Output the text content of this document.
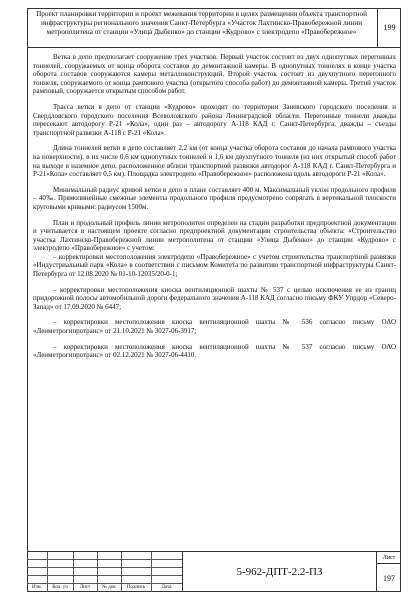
Проект планировки территории и проект межевания территории в целях размещения объекта транспортной инфраструктуры регионального значения Санкт-Петербурга «Участок Лахтинско-Правобережной линии метрополитена от станции «Улица Дыбенко» до станции «Кудрово» с электродепо «Правобережное»	199

Ветка в депо предполагает сооружение трех участков. Первый участок состоит из двух однопутных перегонных тоннелей, сооружаемых от конца оборота составов до демонтажной камеры. В однопутных тоннелях в конце участка оборота составов сооружаются камеры металлоконструкций. Второй участок состоит из двухпутного перегонного тоннеля, сооружаемого от конца рампового участка (открытого способа работ) до демонтажной камеры. Третий участок рамповый, сооружается открытым способом работ.

Трасса ветки в депо от станции «Кудрово» проходит по территории Заневского городского поселения и Свердловского городского поселения Всеволожского района Ленинградской области. Перегонные тоннели дважды пересекают автодорогу Р-21 «Кола», один раз – автодорогу А-118 КАД г. Санкт-Петербурга, дважды – съезды транспортной развязки А-118 с Р-21 «Кола».

Длина тоннелей ветки в депо составляет 2,2 км (от конца участка оборота составов до начала рампового участка на поверхности), в их числе 0,6 км однопутных тоннелей и 1,6 км двухпутного тоннеля (из них открытый способ работ на выходе в наземное депо, расположенное вблизи транспортной развязки автодорог А-118 КАД г. Санкт-Петербурга и Р-21«Кола» составляет 0,5 км). Площадка электродепо «Правобережное» расположена вдоль автодороги Р-21 «Кола».

Минимальный радиус кривой ветки в депо в плане составляет 400 м. Максимальный уклон продольного профиля – 40‰. Прямолинейные смежные элементы продольного профиля предусмотрено сопрягать в вертикальной плоскости круговыми кривыми: радиусом 1500м.

План и продольный профиль линии метрополитен определен на стадии разработки предпроектной документации и учитывается в настоящем проекте согласно предпроектной документации строительства объекта: «Строительство участка Лахтинско-Правобережной линии метрополитена от станции «Улица Дыбенко» до станции «Кудрово» с электродепо «Правобережное» с учетом:

– корректировки местоположения электродепо «Правобережное» с учетом строительства транспортной развязки «Индустриальный парк «Кола» в соответствии с письмом Комитета по развитию транспортной инфраструктуры Санкт-Петербурга от 12.08.2020 № 01-10-12035/20-0-1;

– корректировки местоположения киоска вентиляционной шахты № 537 с целью исключения ее из границ придорожной полосы автомобильной дороги федерального значения А-118 КАД согласно письму ФКУ Упрдор «Северо-Запад» от 17.09.2020 № 6447;

– корректировки местоположения киоска вентиляционной шахты № 536 согласно письму ОАО «Ленметрогипротранс» от 21.10.2021 № 3027-06-3917;

– корректировки местоположения киоска вентиляционной шахты № 537 согласно письму ОАО «Ленметрогипротранс» от 02.12.2021 № 3027-06-4410.

Изм.	Кол. уч	Лист	№ док	Подпись	Дата
5-962-ДПТ-2.2-ПЗ
Лист
197
